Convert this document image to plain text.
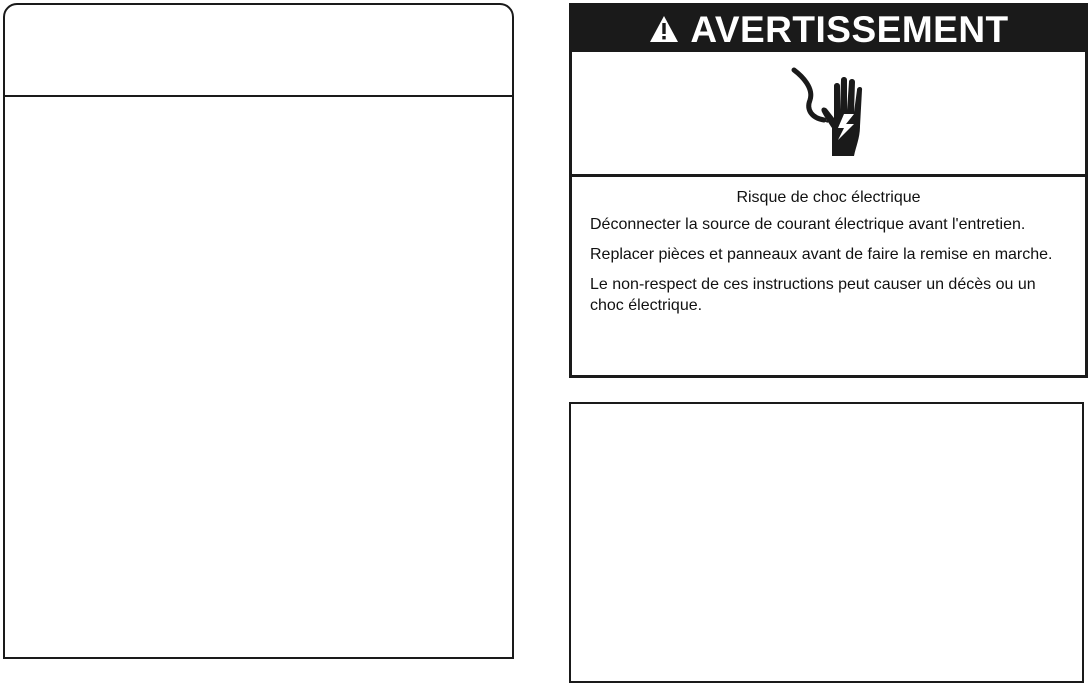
AVERTISSEMENT

Risque de choc électrique

Déconnecter la source de courant électrique avant l'entretien.

Replacer pièces et panneaux avant de faire la remise en marche.

Le non-respect de ces instructions peut causer un décès ou un choc électrique.
